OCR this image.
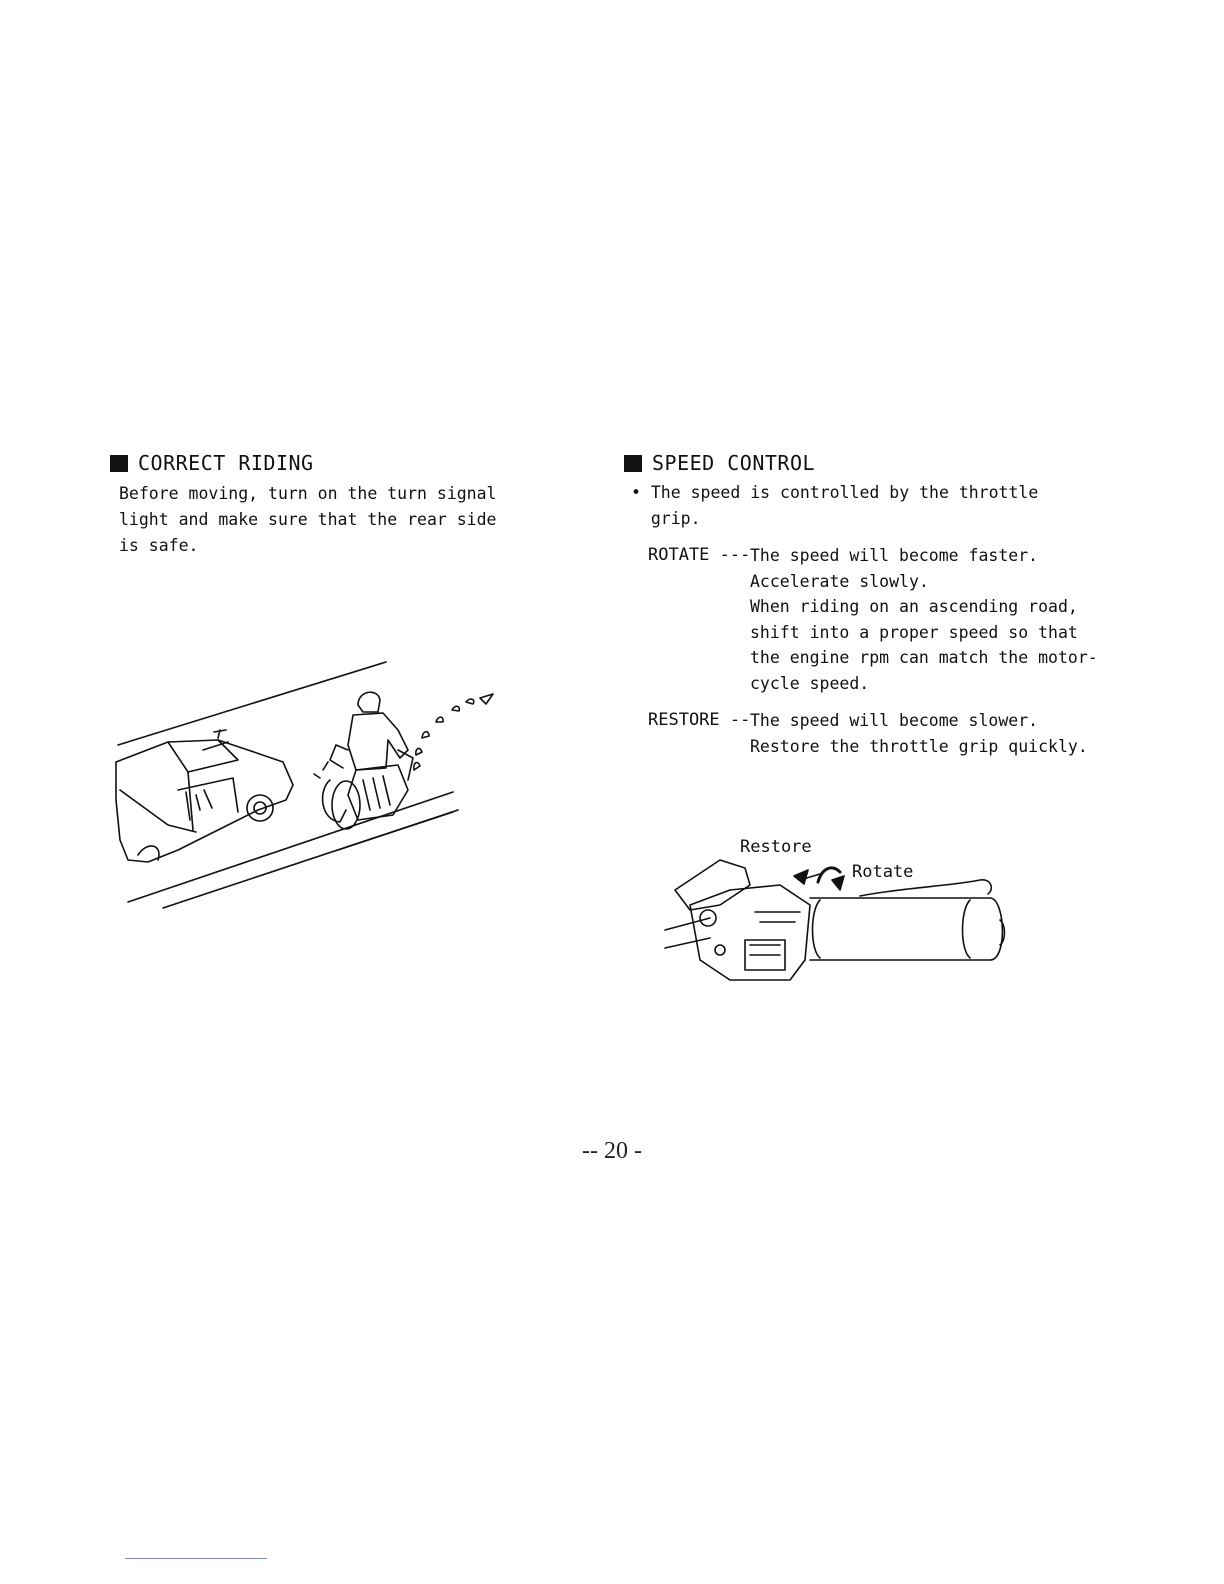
CORRECT RIDING
Before moving, turn on the turn signal
light and make sure that the rear side
is safe.
SPEED CONTROL
• The speed is controlled by the throttle
grip.
ROTATE --- The speed will become faster.
Accelerate slowly.
When riding on an ascending road,
shift into a proper speed so that
the engine rpm can match the motor-
cycle speed.
RESTORE -- The speed will become slower.
Restore the throttle grip quickly.
Restore
Rotate
-- 20 -
